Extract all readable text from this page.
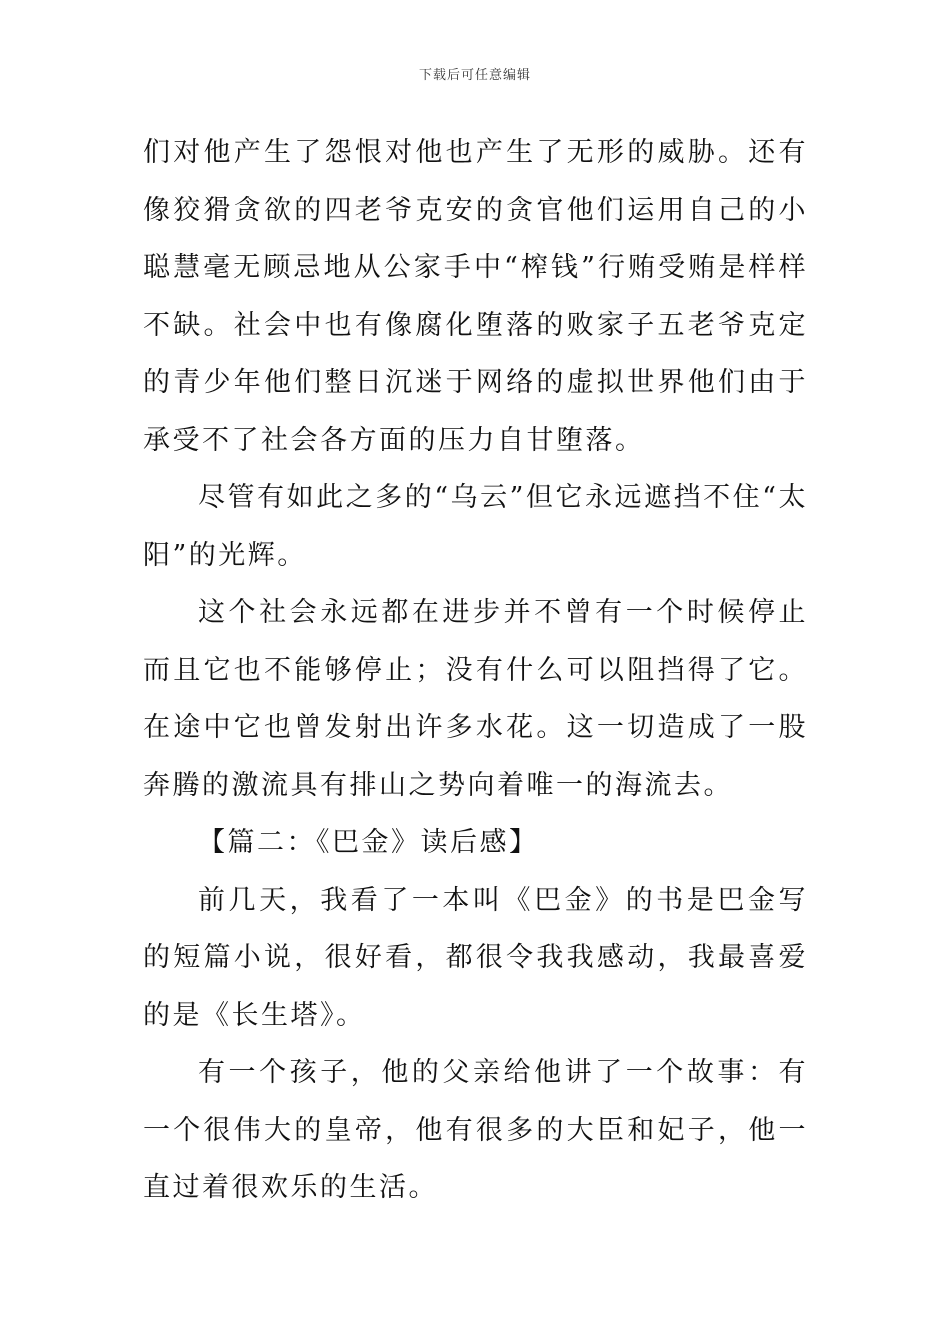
下载后可任意编辑

们对他产生了怨恨对他也产生了无形的威胁。还有像狡猾贪欲的四老爷克安的贪官他们运用自己的小聪慧毫无顾忌地从公家手中“榨钱”行贿受贿是样样不缺。社会中也有像腐化堕落的败家子五老爷克定的青少年他们整日沉迷于网络的虚拟世界他们由于承受不了社会各方面的压力自甘堕落。

尽管有如此之多的“乌云”但它永远遮挡不住“太阳”的光辉。

这个社会永远都在进步并不曾有一个时候停止而且它也不能够停止；没有什么可以阻挡得了它。在途中它也曾发射出许多水花。这一切造成了一股奔腾的激流具有排山之势向着唯一的海流去。

【篇二：《巴金》读后感】

前几天，我看了一本叫《巴金》的书是巴金写的短篇小说，很好看，都很令我我感动，我最喜爱的是《长生塔》。

有一个孩子，他的父亲给他讲了一个故事：有一个很伟大的皇帝，他有很多的大臣和妃子，他一直过着很欢乐的生活。
